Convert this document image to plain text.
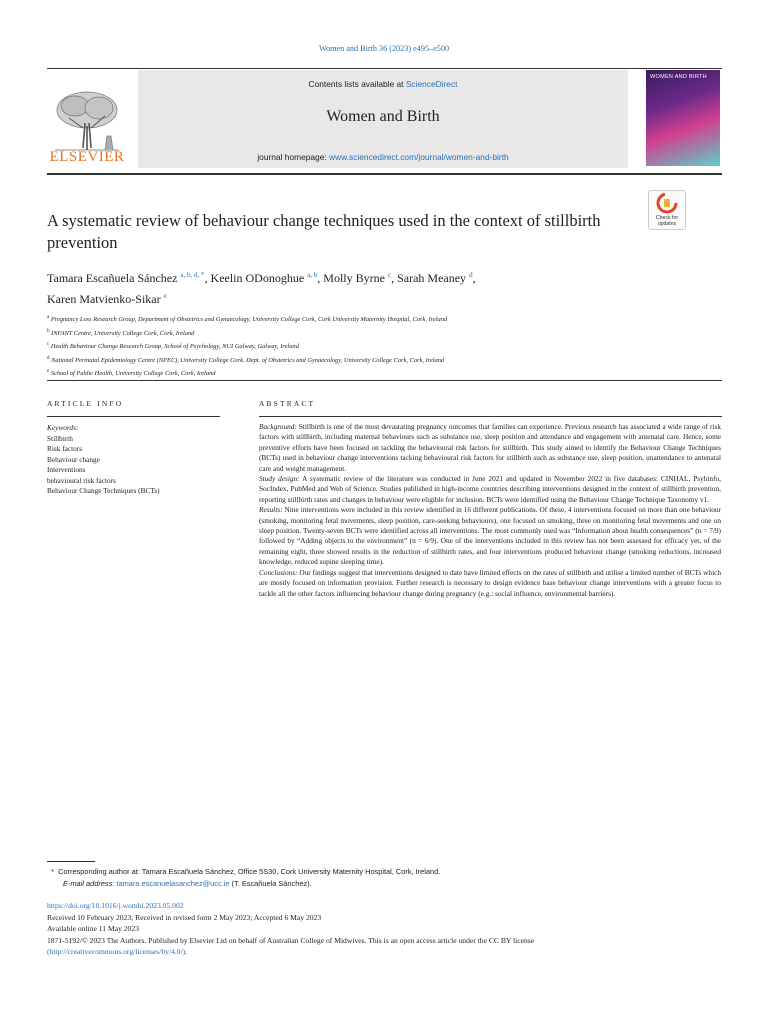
Women and Birth 36 (2023) e495–e500
ELSEVIER
Contents lists available at ScienceDirect
Women and Birth
journal homepage: www.sciencedirect.com/journal/women-and-birth
WOMEN AND BIRTH
Check for updates
A systematic review of behaviour change techniques used in the context of stillbirth prevention
Tamara Escañuela Sánchez $^{a, b, d, *}$, Keelin ODonoghue $^{a, b}$, Molly Byrne $^c$, Sarah Meaney $^d$,
Karen Matvienko-Sikar $^e$
$^a$ Pregnancy Loss Research Group, Department of Obstetrics and Gynaecology, University College Cork, Cork University Maternity Hospital, Cork, Ireland
$^b$ INFANT Centre, University College Cork, Cork, Ireland
$^c$ Health Behaviour Change Research Group, School of Psychology, NUI Galway, Galway, Ireland
$^d$ National Perinatal Epidemiology Centre (NPEC), University College Cork. Dept. of Obstetrics and Gynaecology, University College Cork, Cork, Ireland
$^e$ School of Public Health, University College Cork, Cork, Ireland
ARTICLE INFO	ABSTRACT
Keywords:
Stillbirth
Risk factors
Behaviour change
Interventions
behavioural risk factors
Behaviour Change Techniques (BCTs)

Background: Stillbirth is one of the most devastating pregnancy outcomes that families can experience. Previous research has associated a wide range of risk factors with stillbirth, including maternal behaviours such as substance use, sleep position and attendance and engagement with antenatal care. Hence, some preventive efforts have been focused on tackling the behavioural risk factors for stillbirth. This study aimed to identify the Behaviour Change Techniques (BCTs) used in behaviour change interventions tacking behavioural risk factors for stillbirth such as substance use, sleep position, unattendance to antenatal care and weight management.

Study design: A systematic review of the literature was conducted in June 2021 and updated in November 2022 in five databases: CINHAL, Psyhinfo, SocIndex, PubMed and Web of Science. Studies published in high-income countries describing interventions designed in the context of stillbirth prevention, reporting stillbirth rates and changes in behaviour were eligible for inclusion. BCTs were identified using the Behaviour Change Technique Taxonomy v1.

Results: Nine interventions were included in this review identified in 16 different publications. Of these, 4 interventions focused on more than one behaviour (smoking, monitoring fetal movements, sleep position, care-seeking behaviours), one focused on smoking, three on monitoring fetal movements and one on sleep position. Twenty-seven BCTs were identified across all interventions. The most commonly used was “Information about health consequences” (n = 7/9) followed by “Adding objects to the environment” (n = 6/9). One of the interventions included in this review has not been assessed for efficacy yet, of the remaining eight, three showed results in the reduction of stillbirth rates, and four interventions produced behaviour change (smoking reductions, increased knowledge, reduced supine sleeping time).

Conclusions: Our findings suggest that interventions designed to date have limited effects on the rates of stillbirth and utilise a limited number of BCTs which are mostly focused on information provision. Further research is necessary to design evidence base behaviour change interventions with a greater focus to tackle all the other factors influencing behaviour change during pregnancy (e.g.: social influence, environmental barriers).

* Corresponding author at: Tamara Escañuela Sánchez, Office 5S30, Cork University Maternity Hospital, Cork, Ireland.
E-mail address: tamara.escanuelasanchez@ucc.ie (T. Escañuela Sánchez).
https://doi.org/10.1016/j.wombi.2023.05.002
Received 10 February 2023; Received in revised form 2 May 2023; Accepted 6 May 2023
Available online 11 May 2023
1871-5192/© 2023 The Authors. Published by Elsevier Ltd on behalf of Australian College of Midwives. This is an open access article under the CC BY license
(http://creativecommons.org/licenses/by/4.0/).
